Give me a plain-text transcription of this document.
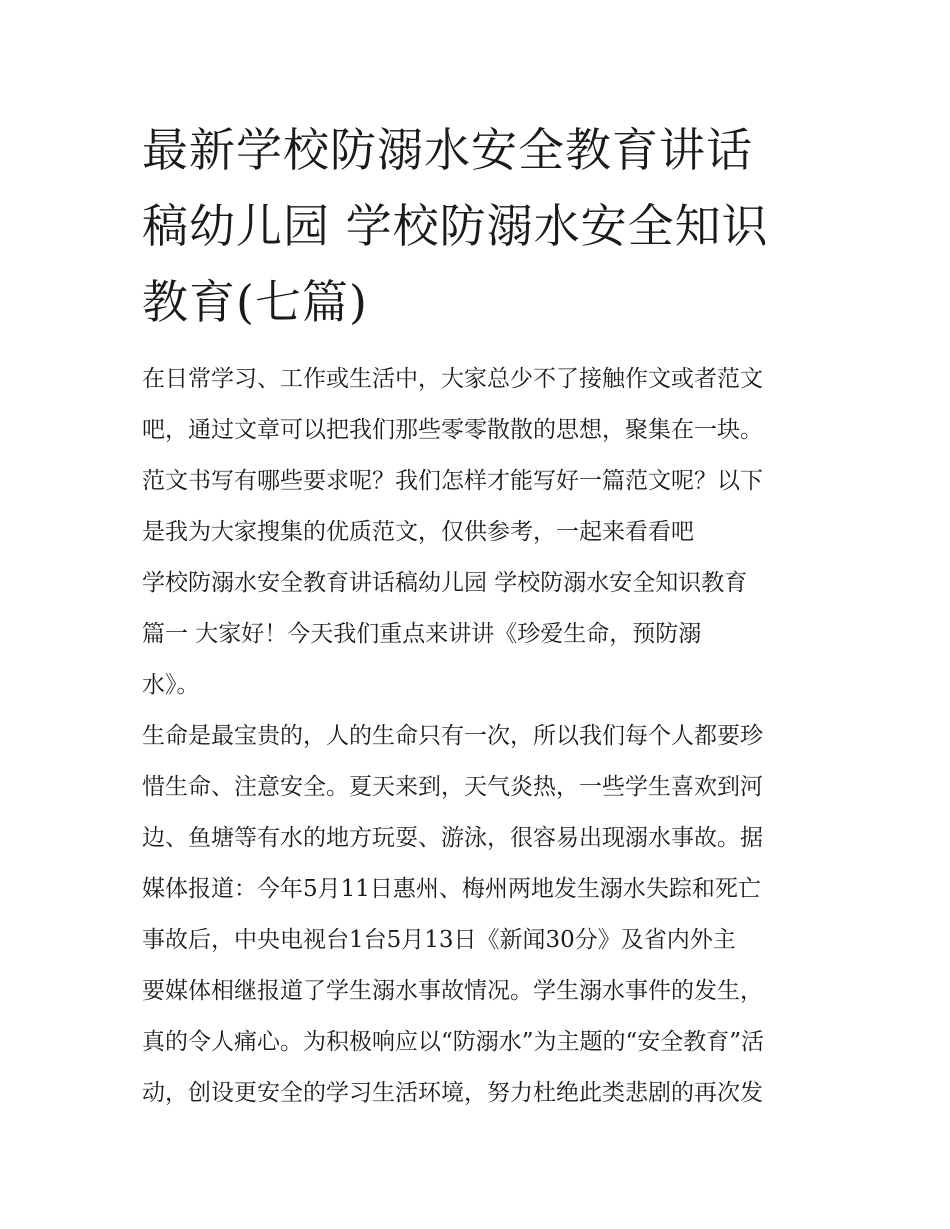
最新学校防溺水安全教育讲话
稿幼儿园 学校防溺水安全知识
教育(七篇)

在日常学习、工作或生活中，大家总少不了接触作文或者范文
吧，通过文章可以把我们那些零零散散的思想，聚集在一块。
范文书写有哪些要求呢？我们怎样才能写好一篇范文呢？以下
是我为大家搜集的优质范文，仅供参考，一起来看看吧

学校防溺水安全教育讲话稿幼儿园 学校防溺水安全知识教育
篇一 大家好！今天我们重点来讲讲《珍爱生命，预防溺
水》。

生命是最宝贵的，人的生命只有一次，所以我们每个人都要珍
惜生命、注意安全。夏天来到，天气炎热，一些学生喜欢到河
边、鱼塘等有水的地方玩耍、游泳，很容易出现溺水事故。据
媒体报道：今年5月11日惠州、梅州两地发生溺水失踪和死亡
事故后，中央电视台1台5月13日《新闻30分》及省内外主
要媒体相继报道了学生溺水事故情况。学生溺水事件的发生，
真的令人痛心。为积极响应以“防溺水”为主题的“安全教育”活
动，创设更安全的学习生活环境，努力杜绝此类悲剧的再次发
